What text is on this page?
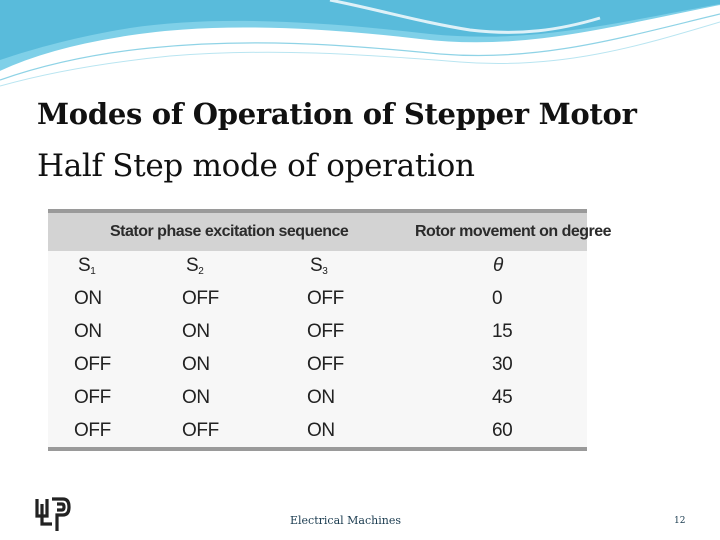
Modes of Operation of Stepper Motor
Half Step mode of operation
Stator phase excitation sequence	Rotor movement on degree
$S_1$	$S_2$	$S_3$	θ
ON	OFF	OFF	0
ON	ON	OFF	15
OFF	ON	OFF	30
OFF	ON	ON	45
OFF	OFF	ON	60
Electrical Machines	12
